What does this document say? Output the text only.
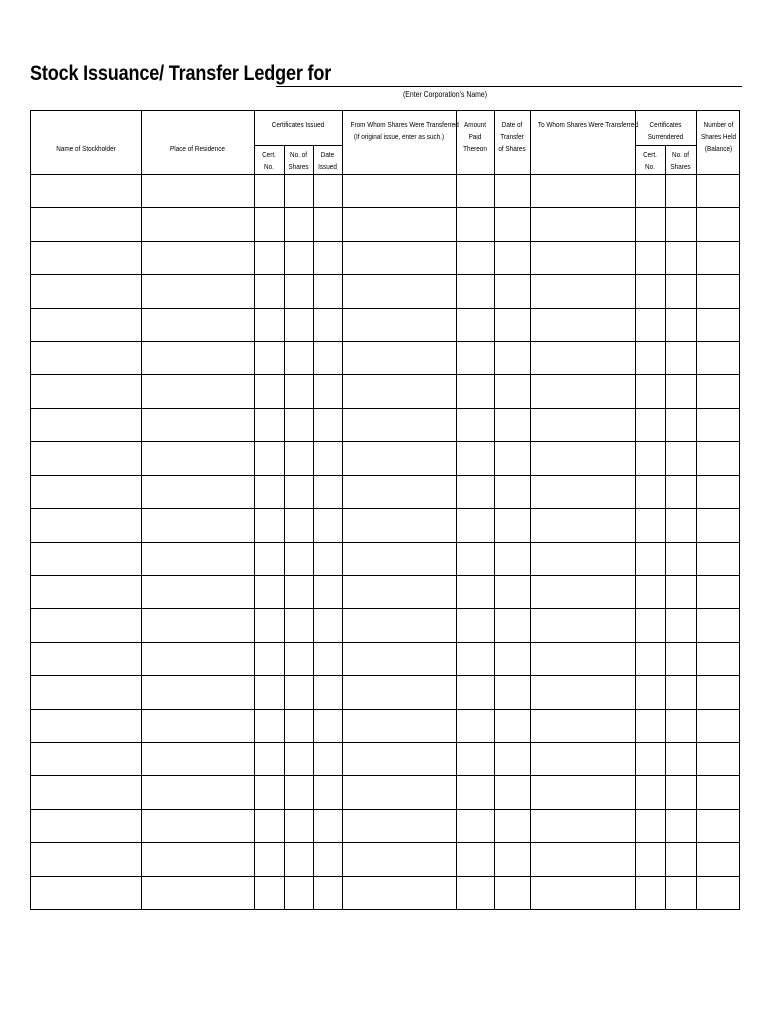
Stock Issuance/ Transfer Ledger for
(Enter Corporation’s Name)
Name of Stockholder	Place of Residence
Certificates Issued
Cert.
No.
No. of
Shares
Date
Issued
From Whom Shares Were Transferred
(If original issue, enter as such.)
Amount
Paid
Thereon
Date of
Transfer
of Shares
To Whom Shares Were Transferred	Certificates
Surrendered
Cert.
No.
No. of
Shares
Number of
Shares Held
(Balance)
